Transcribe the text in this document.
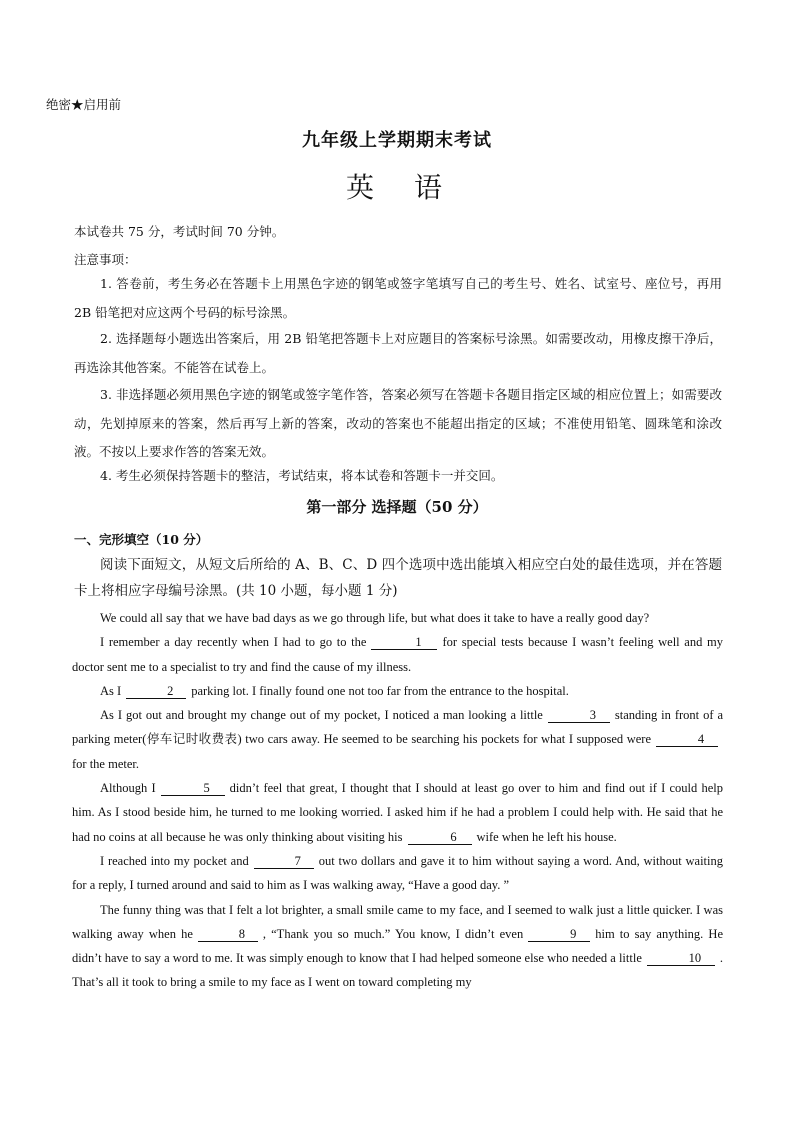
绝密★启用前
九年级上学期期末考试
英　语
本试卷共 75 分，考试时间 70 分钟。
注意事项：
1. 答卷前，考生务必在答题卡上用黑色字迹的钢笔或签字笔填写自己的考生号、姓名、试室号、座位号，再用 2B 铅笔把对应这两个号码的标号涂黑。
2. 选择题每小题选出答案后，用 2B 铅笔把答题卡上对应题目的答案标号涂黑。如需要改动，用橡皮擦干净后，再选涂其他答案。不能答在试卷上。
3. 非选择题必须用黑色字迹的钢笔或签字笔作答，答案必须写在答题卡各题目指定区域的相应位置上；如需要改动，先划掉原来的答案，然后再写上新的答案，改动的答案也不能超出指定的区域；不准使用铅笔、圆珠笔和涂改液。不按以上要求作答的答案无效。
4. 考生必须保持答题卡的整洁，考试结束，将本试卷和答题卡一并交回。
第一部分 选择题（50 分）
一、完形填空（10 分）
阅读下面短文，从短文后所给的 A、B、C、D 四个选项中选出能填入相应空白处的最佳选项，并在答题卡上将相应字母编号涂黑。(共 10 小题，每小题 1 分)

We could all say that we have bad days as we go through life, but what does it take to have a really good day?

I remember a day recently when I had to go to the	1 for special tests because I wasn’t feeling well and my doctor sent me to a specialist to try and find the cause of my illness.

As I	2 parking lot. I finally found one not too far from the entrance to the hospital.

As I got out and brought my change out of my pocket, I noticed a man looking a little	3 standing in front of a parking meter(停车记时收费表) two cars away. He seemed to be searching his pockets for what I supposed were	4for the meter.

Although I	5 didn’t feel that great, I thought that I should at least go over to him and find out if I could help him. As I stood beside him, he turned to me looking worried. I asked him if he had a problem I could help with. He said that he had no coins at all because he was only thinking about visiting his	6 wife when he left his house.

I reached into my pocket and	7 out two dollars and gave it to him without saying a word. And, without waiting for a reply, I turned around and said to him as I was walking away, “Have a good day. ”

The funny thing was that I felt a lot brighter, a small smile came to my face, and I seemed to walk just a little quicker. I was walking away when he	8 , “Thank you so much.” You know, I didn’t even	9 him to say anything. He didn’t have to say a word to me. It was simply enough to know that I had helped someone else who needed a little	10 . That’s all it took to bring a smile to my face as I went on toward completing my
